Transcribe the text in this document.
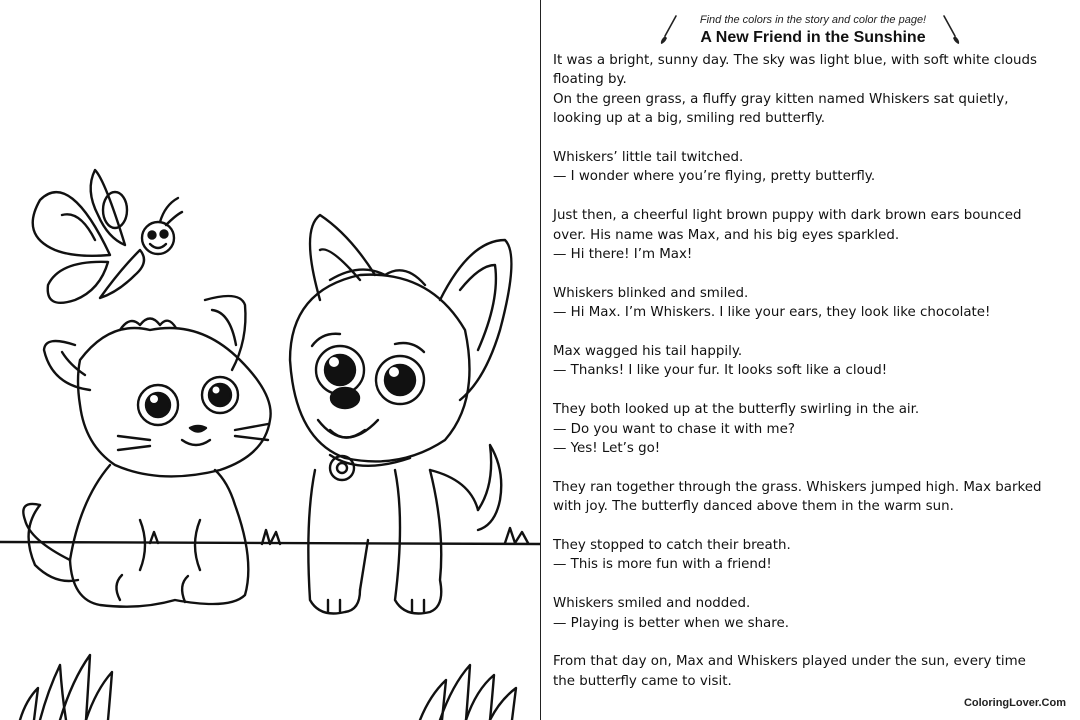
Find the colors in the story and color the page!
A New Friend in the Sunshine

It was a bright, sunny day. The sky was light blue, with soft white clouds
floating by.
On the green grass, a fluffy gray kitten named Whiskers sat quietly,
looking up at a big, smiling red butterfly.

Whiskers’ little tail twitched.
— I wonder where you’re flying, pretty butterfly.

Just then, a cheerful light brown puppy with dark brown ears bounced
over. His name was Max, and his big eyes sparkled.
— Hi there! I’m Max!

Whiskers blinked and smiled.
— Hi Max. I’m Whiskers. I like your ears, they look like chocolate!

Max wagged his tail happily.
— Thanks! I like your fur. It looks soft like a cloud!

They both looked up at the butterfly swirling in the air.
— Do you want to chase it with me?
— Yes! Let’s go!

They ran together through the grass. Whiskers jumped high. Max barked
with joy. The butterfly danced above them in the warm sun.

They stopped to catch their breath.
— This is more fun with a friend!

Whiskers smiled and nodded.
— Playing is better when we share.

From that day on, Max and Whiskers played under the sun, every time
the butterfly came to visit.

ColoringLover.Com
